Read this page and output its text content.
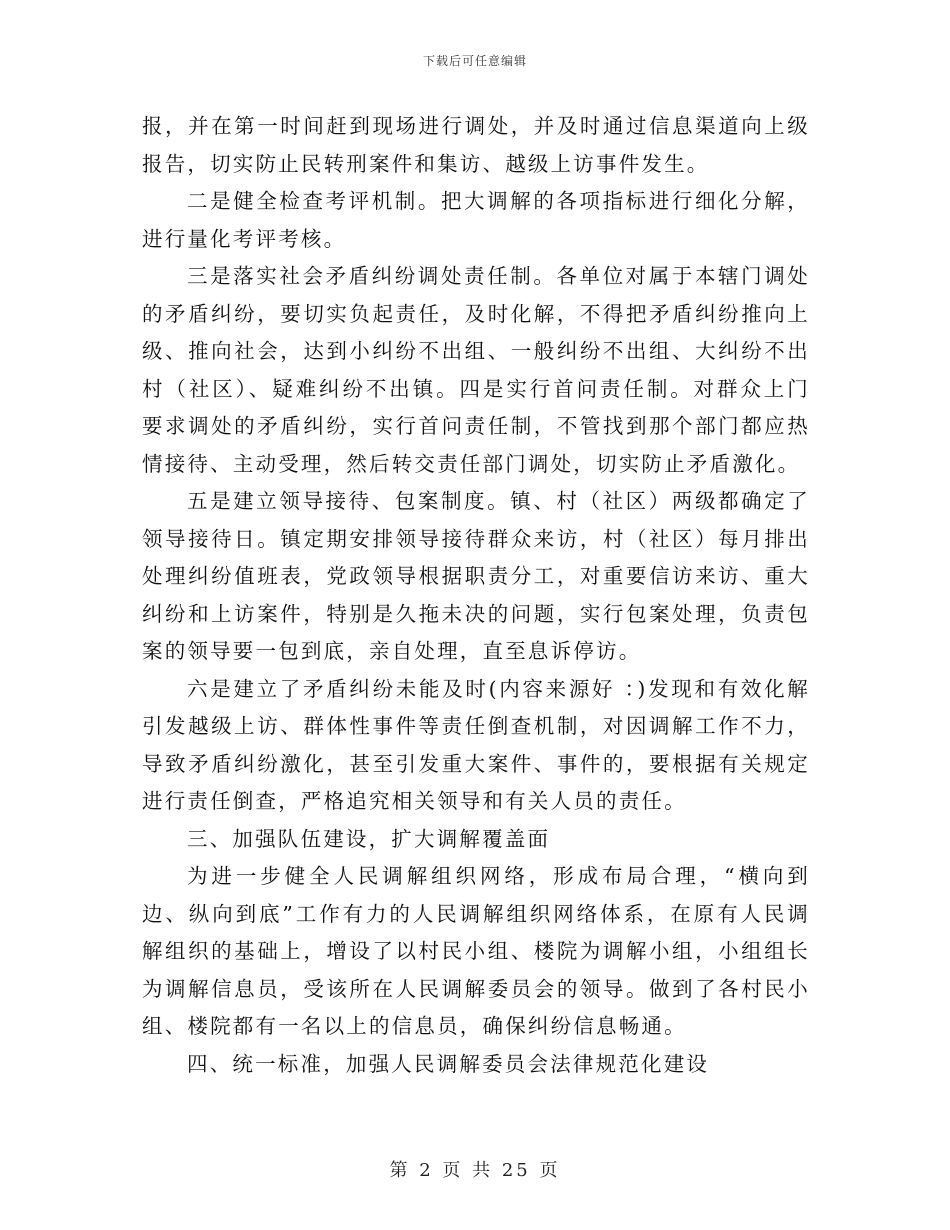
下载后可任意编辑

报，并在第一时间赶到现场进行调处，并及时通过信息渠道向上级报告，切实防止民转刑案件和集访、越级上访事件发生。

二是健全检查考评机制。把大调解的各项指标进行细化分解，进行量化考评考核。

三是落实社会矛盾纠纷调处责任制。各单位对属于本辖门调处的矛盾纠纷，要切实负起责任，及时化解，不得把矛盾纠纷推向上级、推向社会，达到小纠纷不出组、一般纠纷不出组、大纠纷不出村（社区）、疑难纠纷不出镇。四是实行首问责任制。对群众上门要求调处的矛盾纠纷，实行首问责任制，不管找到那个部门都应热情接待、主动受理，然后转交责任部门调处，切实防止矛盾激化。

五是建立领导接待、包案制度。镇、村（社区）两级都确定了领导接待日。镇定期安排领导接待群众来访，村（社区）每月排出处理纠纷值班表，党政领导根据职责分工，对重要信访来访、重大纠纷和上访案件，特别是久拖未决的问题，实行包案处理，负责包案的领导要一包到底，亲自处理，直至息诉停访。

六是建立了矛盾纠纷未能及时(内容来源好 ：)发现和有效化解引发越级上访、群体性事件等责任倒查机制，对因调解工作不力，导致矛盾纠纷激化，甚至引发重大案件、事件的，要根据有关规定进行责任倒查，严格追究相关领导和有关人员的责任。

三、加强队伍建设，扩大调解覆盖面

为进一步健全人民调解组织网络，形成布局合理，“横向到边、纵向到底”工作有力的人民调解组织网络体系，在原有人民调解组织的基础上，增设了以村民小组、楼院为调解小组，小组组长为调解信息员，受该所在人民调解委员会的领导。做到了各村民小组、楼院都有一名以上的信息员，确保纠纷信息畅通。

四、统一标准，加强人民调解委员会法律规范化建设

第 2 页 共 25 页
